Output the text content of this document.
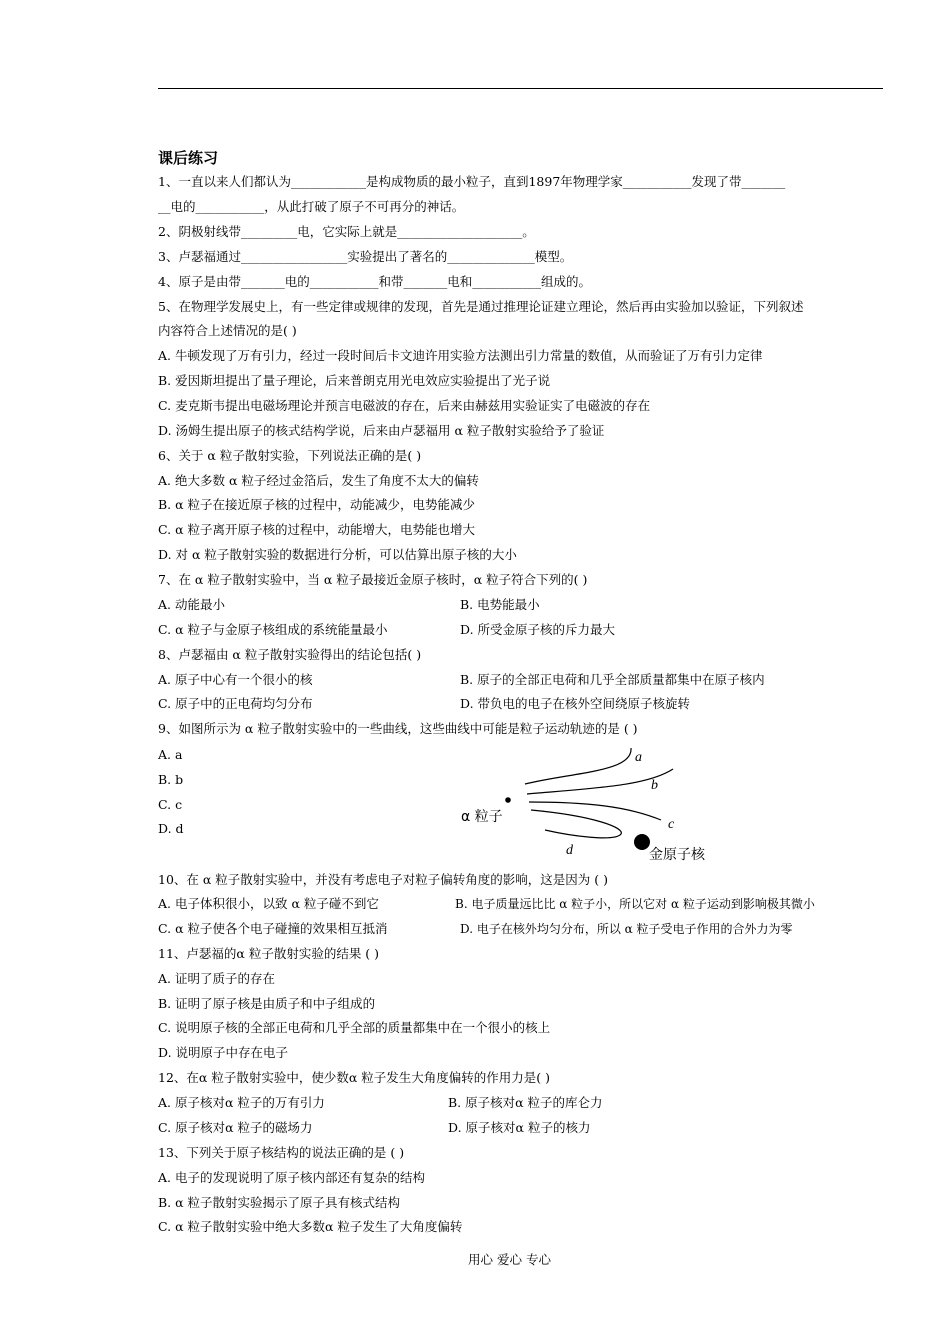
课后练习
1、一直以来人们都认为____________是构成物质的最小粒子，直到1897年物理学家___________发现了带_______
__电的___________，从此打破了原子不可再分的神话。
2、阴极射线带_________电，它实际上就是____________________。
3、卢瑟福通过_________________实验提出了著名的______________模型。
4、原子是由带_______电的___________和带_______电和___________组成的。
5、在物理学发展史上，有一些定律或规律的发现，首先是通过推理论证建立理论，然后再由实验加以验证，下列叙述
内容符合上述情况的是( )
A. 牛顿发现了万有引力，经过一段时间后卡文迪许用实验方法测出引力常量的数值，从而验证了万有引力定律
B. 爱因斯坦提出了量子理论，后来普朗克用光电效应实验提出了光子说
C. 麦克斯韦提出电磁场理论并预言电磁波的存在，后来由赫兹用实验证实了电磁波的存在
D. 汤姆生提出原子的核式结构学说，后来由卢瑟福用 α 粒子散射实验给予了验证
6、关于 α 粒子散射实验，下列说法正确的是( )
A. 绝大多数 α 粒子经过金箔后，发生了角度不太大的偏转
B. α 粒子在接近原子核的过程中，动能减少，电势能减少
C. α 粒子离开原子核的过程中，动能增大，电势能也增大
D. 对 α 粒子散射实验的数据进行分析，可以估算出原子核的大小
7、在 α 粒子散射实验中，当 α 粒子最接近金原子核时，α 粒子符合下列的( )
A. 动能最小	B. 电势能最小
C. α 粒子与金原子核组成的系统能量最小	D. 所受金原子核的斥力最大
8、卢瑟福由 α 粒子散射实验得出的结论包括( )
A. 原子中心有一个很小的核	B. 原子的全部正电荷和几乎全部质量都集中在原子核内
C. 原子中的正电荷均匀分布	D. 带负电的电子在核外空间绕原子核旋转
9、如图所示为 α 粒子散射实验中的一些曲线，这些曲线中可能是粒子运动轨迹的是 ( )
A. a
B. b
C. c
D. d
a
b
c
d
α 粒子
金原子核
10、在 α 粒子散射实验中，并没有考虑电子对粒子偏转角度的影响，这是因为 ( )
A. 电子体积很小，以致 α 粒子碰不到它	B. 电子质量远比比 α 粒子小，所以它对 α 粒子运动到影响极其微小
C. α 粒子使各个电子碰撞的效果相互抵消	D. 电子在核外均匀分布，所以 α 粒子受电子作用的合外力为零
11、卢瑟福的α 粒子散射实验的结果 ( )
A. 证明了质子的存在
B. 证明了原子核是由质子和中子组成的
C. 说明原子核的全部正电荷和几乎全部的质量都集中在一个很小的核上
D. 说明原子中存在电子
12、在α 粒子散射实验中，使少数α 粒子发生大角度偏转的作用力是( )
A. 原子核对α 粒子的万有引力	B. 原子核对α 粒子的库仑力
C. 原子核对α 粒子的磁场力	D. 原子核对α 粒子的核力
13、下列关于原子核结构的说法正确的是 ( )
A. 电子的发现说明了原子核内部还有复杂的结构
B. α 粒子散射实验揭示了原子具有核式结构
C. α 粒子散射实验中绝大多数α 粒子发生了大角度偏转
用心 爱心 专心
